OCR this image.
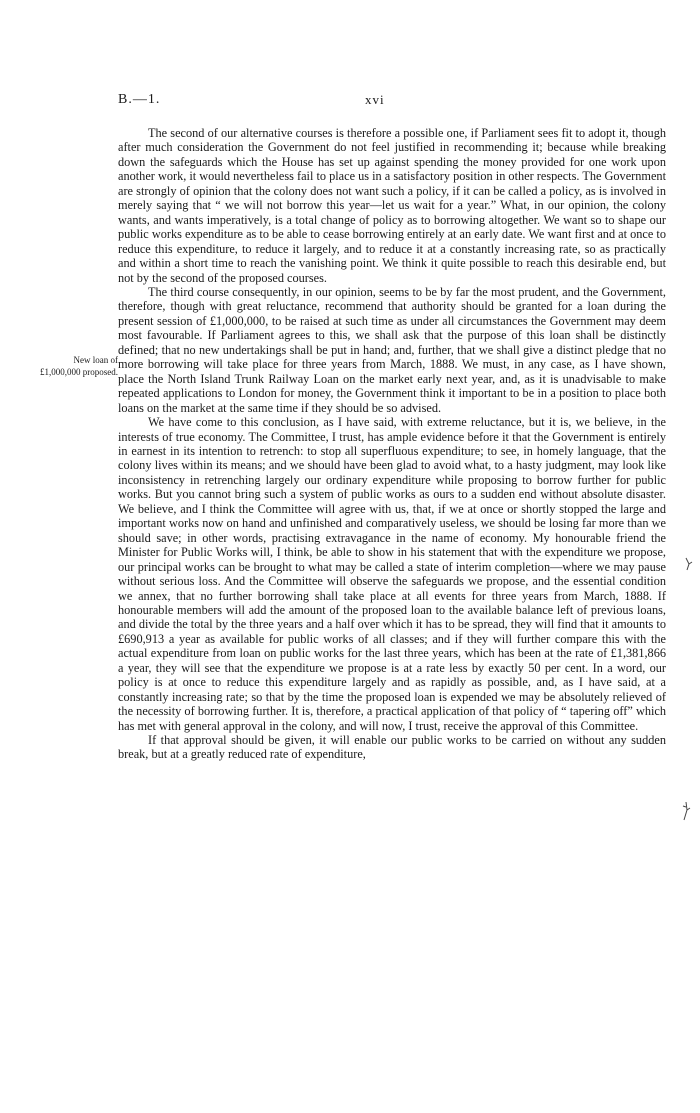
B.—1.	xvi
New loan of
£1,000,000 proposed.

The second of our alternative courses is therefore a possible one, if Parliament sees fit to adopt it, though after much consideration the Government do not feel justified in recommending it; because while breaking down the safeguards which the House has set up against spending the money provided for one work upon another work, it would nevertheless fail to place us in a satisfactory position in other respects. The Government are strongly of opinion that the colony does not want such a policy, if it can be called a policy, as is involved in merely saying that “ we will not borrow this year—let us wait for a year.” What, in our opinion, the colony wants, and wants imperatively, is a total change of policy as to borrowing altogether. We want so to shape our public works expenditure as to be able to cease borrowing entirely at an early date. We want first and at once to reduce this expenditure, to reduce it largely, and to reduce it at a constantly increasing rate, so as practically and within a short time to reach the vanishing point. We think it quite possible to reach this desirable end, but not by the second of the proposed courses.

The third course consequently, in our opinion, seems to be by far the most prudent, and the Government, therefore, though with great reluctance, recommend that authority should be granted for a loan during the present session of £1,000,000, to be raised at such time as under all circumstances the Government may deem most favourable. If Parliament agrees to this, we shall ask that the purpose of this loan shall be distinctly defined; that no new undertakings shall be put in hand; and, further, that we shall give a distinct pledge that no more borrowing will take place for three years from March, 1888. We must, in any case, as I have shown, place the North Island Trunk Railway Loan on the market early next year, and, as it is unadvisable to make repeated applications to London for money, the Government think it important to be in a position to place both loans on the market at the same time if they should be so advised.

We have come to this conclusion, as I have said, with extreme reluctance, but it is, we believe, in the interests of true economy. The Committee, I trust, has ample evidence before it that the Government is entirely in earnest in its intention to retrench: to stop all superfluous expenditure; to see, in homely language, that the colony lives within its means; and we should have been glad to avoid what, to a hasty judgment, may look like inconsistency in retrenching largely our ordinary expenditure while proposing to borrow further for public works. But you cannot bring such a system of public works as ours to a sudden end without absolute disaster. We believe, and I think the Committee will agree with us, that, if we at once or shortly stopped the large and important works now on hand and unfinished and comparatively useless, we should be losing far more than we should save; in other words, practising extravagance in the name of economy. My honourable friend the Minister for Public Works will, I think, be able to show in his statement that with the expenditure we propose, our principal works can be brought to what may be called a state of interim completion—where we may pause without serious loss. And the Committee will observe the safeguards we propose, and the essential condition we annex, that no further borrowing shall take place at all events for three years from March, 1888. If honourable members will add the amount of the proposed loan to the available balance left of previous loans, and divide the total by the three years and a half over which it has to be spread, they will find that it amounts to £690,913 a year as available for public works of all classes; and if they will further compare this with the actual expenditure from loan on public works for the last three years, which has been at the rate of £1,381,866 a year, they will see that the expenditure we propose is at a rate less by exactly 50 per cent. In a word, our policy is at once to reduce this expenditure largely and as rapidly as possible, and, as I have said, at a constantly increasing rate; so that by the time the proposed loan is expended we may be absolutely relieved of the necessity of borrowing further. It is, therefore, a practical application of that policy of “ tapering off” which has met with general approval in the colony, and will now, I trust, receive the approval of this Committee.

If that approval should be given, it will enable our public works to be carried on without any sudden break, but at a greatly reduced rate of expenditure,
